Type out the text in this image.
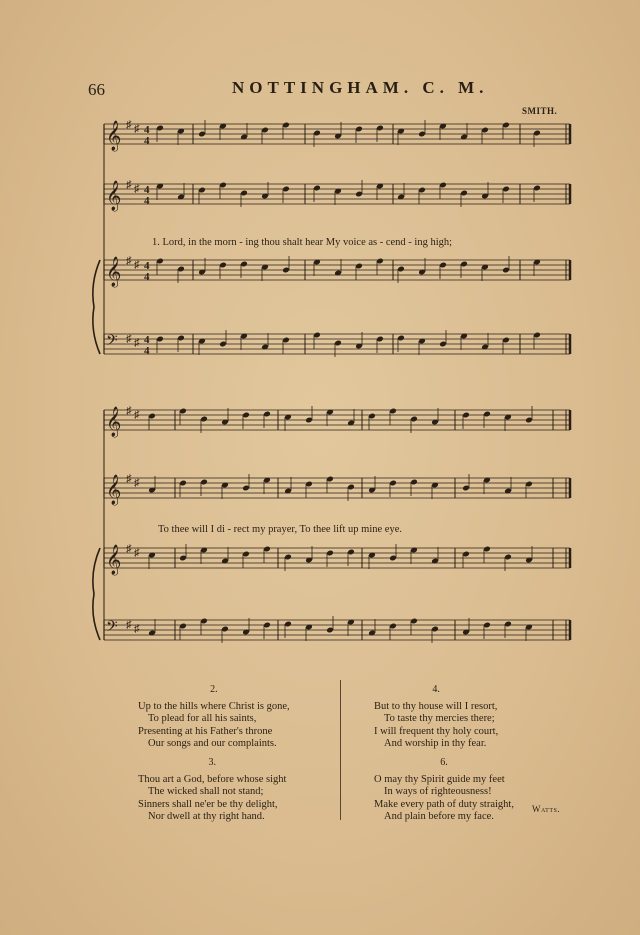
66	NOTTINGHAM. C. M.
SMITH.
𝄞 ♯ ♯ 4
4
𝄞 ♯ ♯ 4
4
𝄞 ♯ ♯ 4
4
𝄢 ♯ ♯ 4
4
𝄞 ♯ ♯
𝄞 ♯ ♯
𝄞 ♯ ♯
𝄢 ♯ ♯
1. Lord, in the morn - ing thou shalt hear My voice as - cend - ing high;
To thee will I di - rect my prayer, To thee lift up mine eye.
2.
Up to the hills where Christ is gone,
To plead for all his saints,
Presenting at his Father's throne
Our songs and our complaints.
3.
Thou art a God, before whose sight
The wicked shall not stand;
Sinners shall ne'er be thy delight,
Nor dwell at thy right hand.
4.
But to thy house will I resort,
To taste thy mercies there;
I will frequent thy holy court,
And worship in thy fear.
6.
O may thy Spirit guide my feet
In ways of righteousness!
Make every path of duty straight,
And plain before my face.
Watts.
